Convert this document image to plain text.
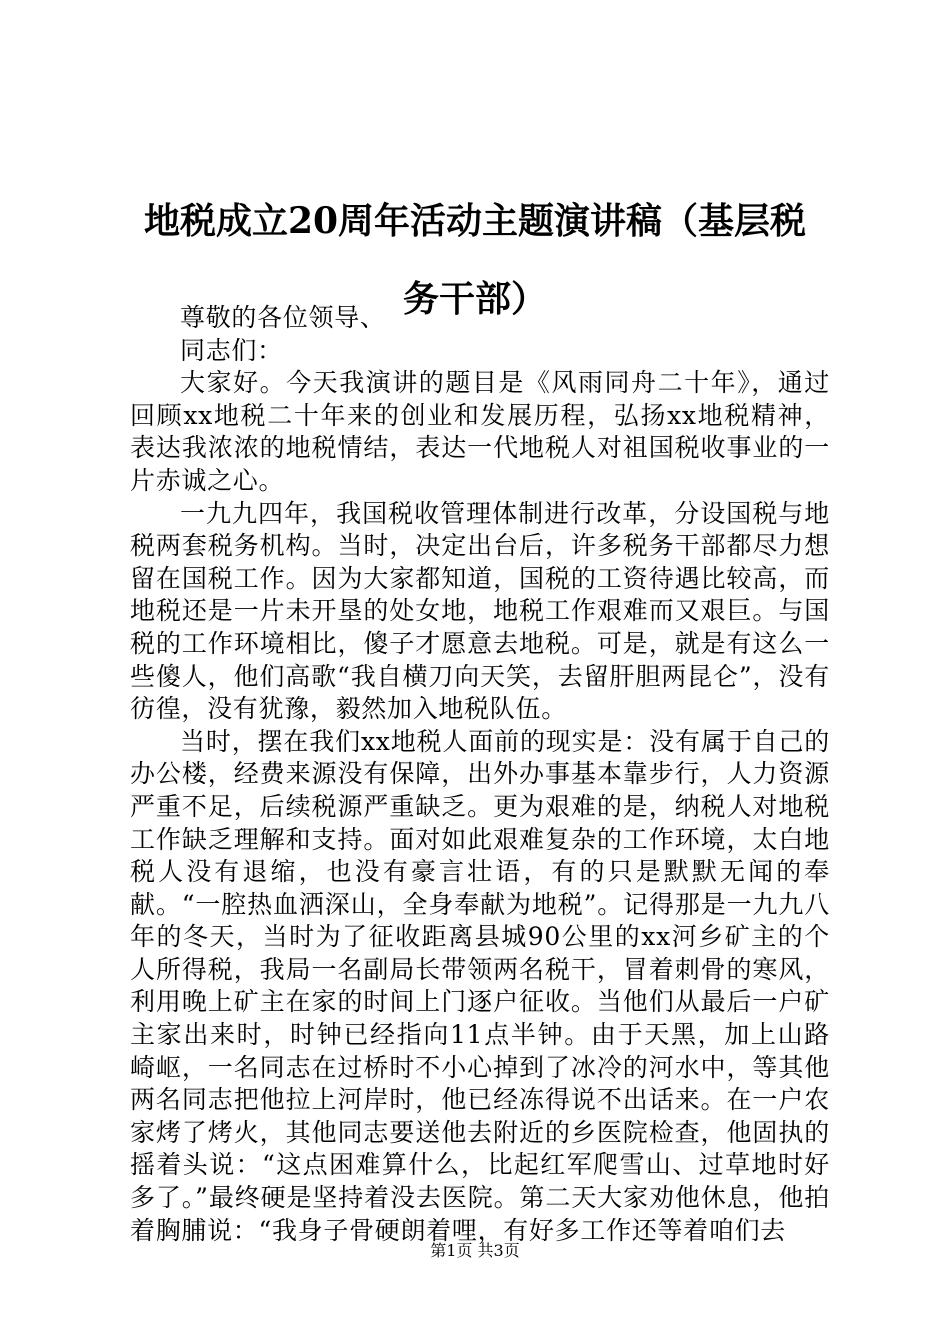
地税成立20周年活动主题演讲稿（基层税务干部）

尊敬的各位领导、

同志们：

大家好。今天我演讲的题目是《风雨同舟二十年》，通过回顾xx地税二十年来的创业和发展历程，弘扬xx地税精神，表达我浓浓的地税情结，表达一代地税人对祖国税收事业的一片赤诚之心。

一九九四年，我国税收管理体制进行改革，分设国税与地税两套税务机构。当时，决定出台后，许多税务干部都尽力想留在国税工作。因为大家都知道，国税的工资待遇比较高，而地税还是一片未开垦的处女地，地税工作艰难而又艰巨。与国税的工作环境相比，傻子才愿意去地税。可是，就是有这么一些傻人，他们高歌“我自横刀向天笑，去留肝胆两昆仑”，没有彷徨，没有犹豫，毅然加入地税队伍。

当时，摆在我们xx地税人面前的现实是：没有属于自己的办公楼，经费来源没有保障，出外办事基本靠步行，人力资源严重不足，后续税源严重缺乏。更为艰难的是，纳税人对地税工作缺乏理解和支持。面对如此艰难复杂的工作环境，太白地税人没有退缩，也没有豪言壮语，有的只是默默无闻的奉献。“一腔热血洒深山，全身奉献为地税”。记得那是一九九八年的冬天，当时为了征收距离县城90公里的xx河乡矿主的个人所得税，我局一名副局长带领两名税干，冒着刺骨的寒风，利用晚上矿主在家的时间上门逐户征收。当他们从最后一户矿主家出来时，时钟已经指向11点半钟。由于天黑，加上山路崎岖，一名同志在过桥时不小心掉到了冰冷的河水中，等其他两名同志把他拉上河岸时，他已经冻得说不出话来。在一户农家烤了烤火，其他同志要送他去附近的乡医院检查，他固执的摇着头说：“这点困难算什么，比起红军爬雪山、过草地时好多了。”最终硬是坚持着没去医院。第二天大家劝他休息，他拍着胸脯说：“我身子骨硬朗着哩，有好多工作还等着咱们去

第1页 共3页
